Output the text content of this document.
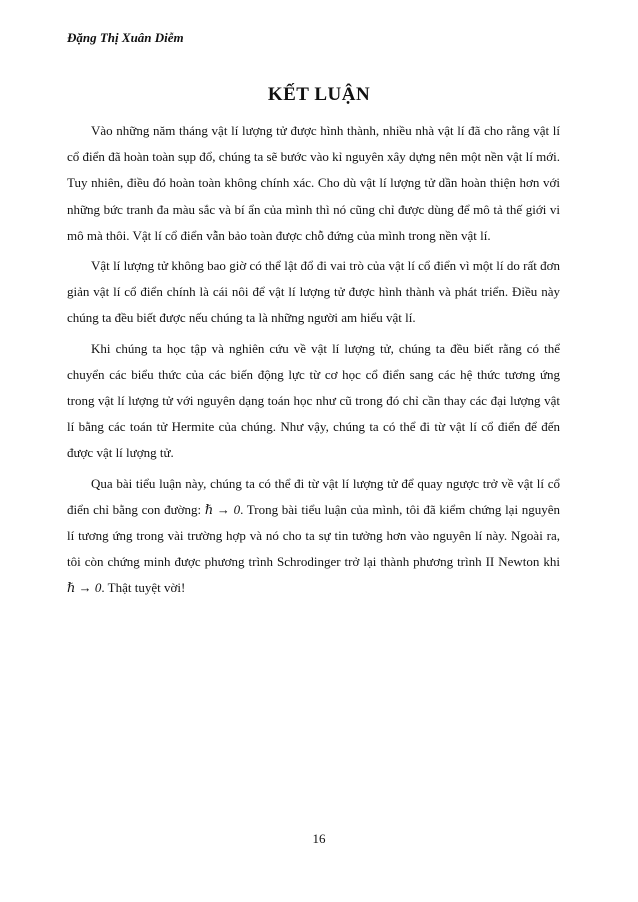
Đặng Thị Xuân Diễm
KẾT LUẬN

Vào những năm tháng vật lí lượng tử được hình thành, nhiều nhà vật lí đã cho rằng vật lí cổ điển đã hoàn toàn sụp đổ, chúng ta sẽ bước vào kỉ nguyên xây dựng nên một nền vật lí mới. Tuy nhiên, điều đó hoàn toàn không chính xác. Cho dù vật lí lượng tử dần hoàn thiện hơn với những bức tranh đa màu sắc và bí ẩn của mình thì nó cũng chỉ được dùng để mô tả thế giới vi mô mà thôi. Vật lí cổ điển vẫn bảo toàn được chỗ đứng của mình trong nền vật lí.

Vật lí lượng tử không bao giờ có thể lật đổ đi vai trò của vật lí cổ điển vì một lí do rất đơn giản vật lí cổ điển chính là cái nôi để vật lí lượng tử được hình thành và phát triển. Điều này chúng ta đều biết được nếu chúng ta là những người am hiểu vật lí.

Khi chúng ta học tập và nghiên cứu về vật lí lượng tử, chúng ta đều biết rằng có thể chuyển các biểu thức của các biến động lực từ cơ học cổ điển sang các hệ thức tương ứng trong vật lí lượng tử với nguyên dạng toán học như cũ trong đó chỉ cần thay các đại lượng vật lí bằng các toán tử Hermite của chúng. Như vậy, chúng ta có thể đi từ vật lí cổ điển để đến được vật lí lượng tử.

Qua bài tiểu luận này, chúng ta có thể đi từ vật lí lượng tử để quay ngược trở về vật lí cổ điển chỉ bằng con đường: ℏ → 0. Trong bài tiểu luận của mình, tôi đã kiểm chứng lại nguyên lí tương ứng trong vài trường hợp và nó cho ta sự tin tưởng hơn vào nguyên lí này. Ngoài ra, tôi còn chứng minh được phương trình Schrodinger trở lại thành phương trình II Newton khi ℏ → 0. Thật tuyệt vời!

16
